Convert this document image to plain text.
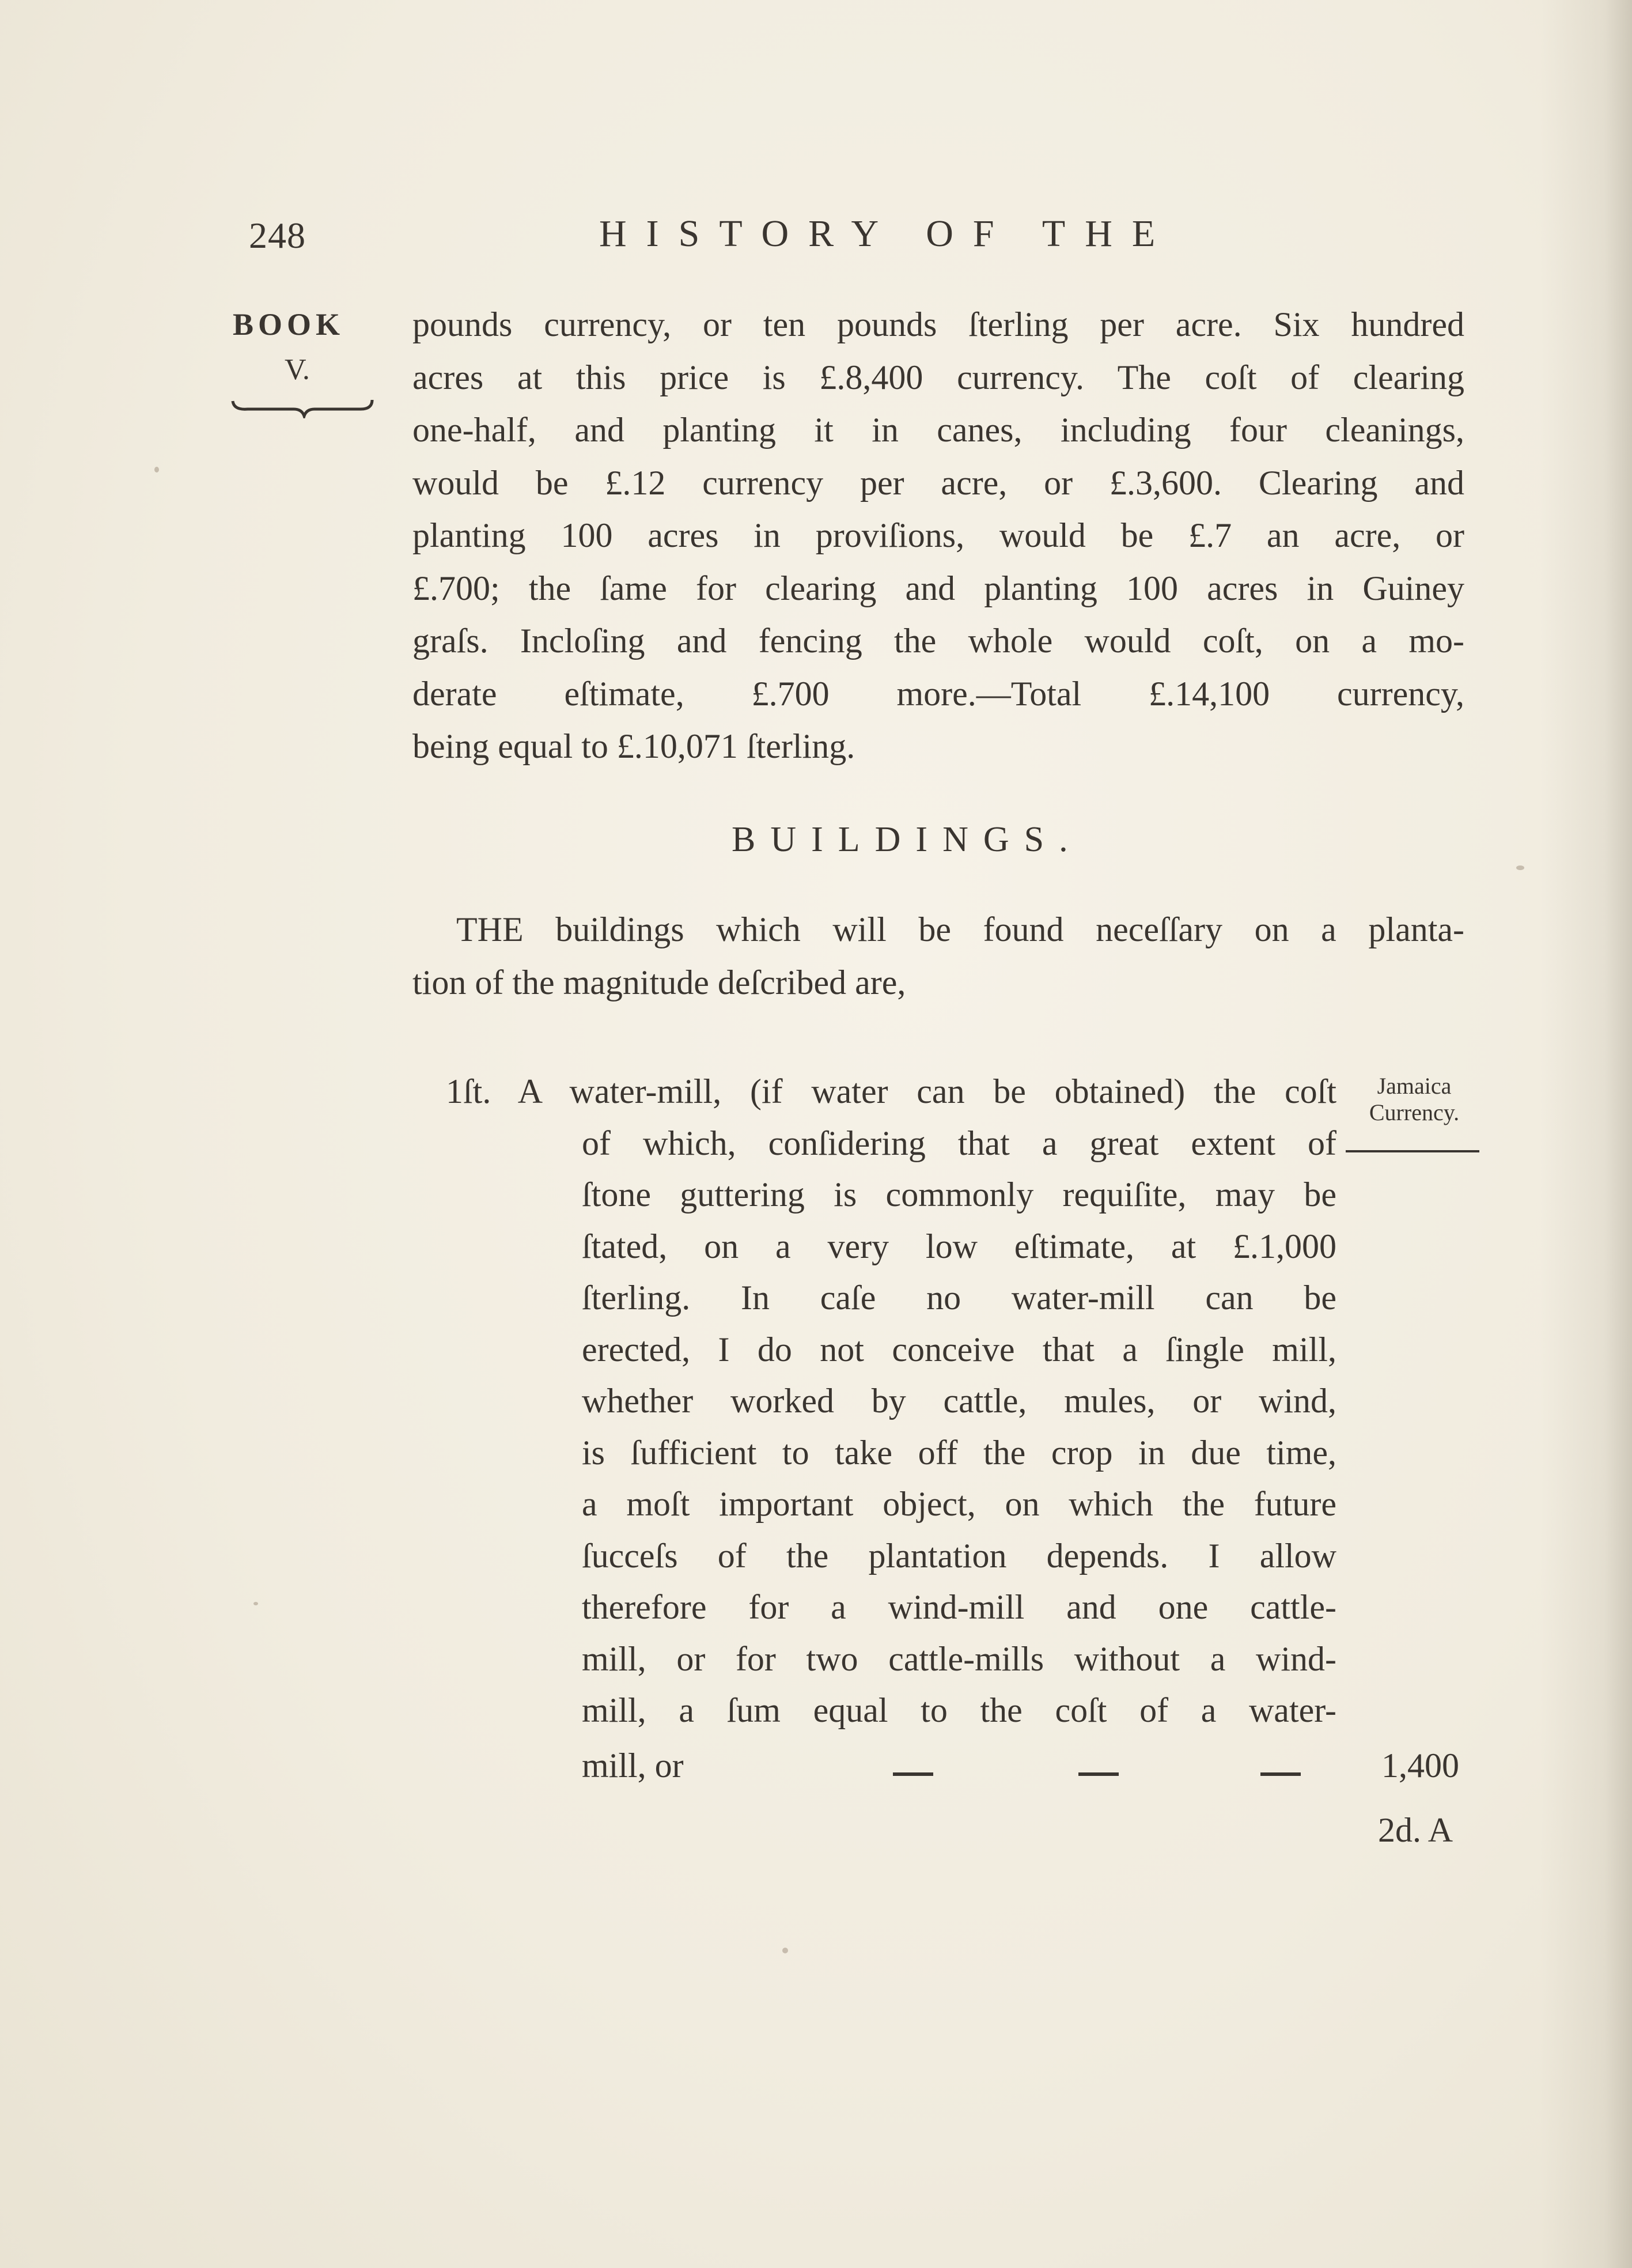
248	HISTORY OF THE
BOOK
V.
pounds currency, or ten pounds ſterling per acre. Six hundred
acres at this price is £.8,400 currency. The coſt of clearing
one-half, and planting it in canes, including four cleanings,
would be £.12 currency per acre, or £.3,600. Clearing and
planting 100 acres in proviſions, would be £.7 an acre, or
£.700; the ſame for clearing and planting 100 acres in Guiney
graſs. Incloſing and fencing the whole would coſt, on a mo-
derate eſtimate, £.700 more.—Total £.14,100 currency,
being equal to £.10,071 ſterling.
BUILDINGS.
THE buildings which will be found neceſſary on a planta-
tion of the magnitude deſcribed are,
Jamaica
Currency.
1ſt. A water-mill, (if water can be obtained) the coſt
of which, conſidering that a great extent of
ſtone guttering is commonly requiſite, may be
ſtated, on a very low eſtimate, at £.1,000
ſterling. In caſe no water-mill can be
erected, I do not conceive that a ſingle mill,
whether worked by cattle, mules, or wind,
is ſufficient to take off the crop in due time,
a moſt important object, on which the future
ſucceſs of the plantation depends. I allow
therefore for a wind-mill and one cattle-
mill, or for two cattle-mills without a wind-
mill, a ſum equal to the coſt of a water-
mill, or	1,400
2d. A
